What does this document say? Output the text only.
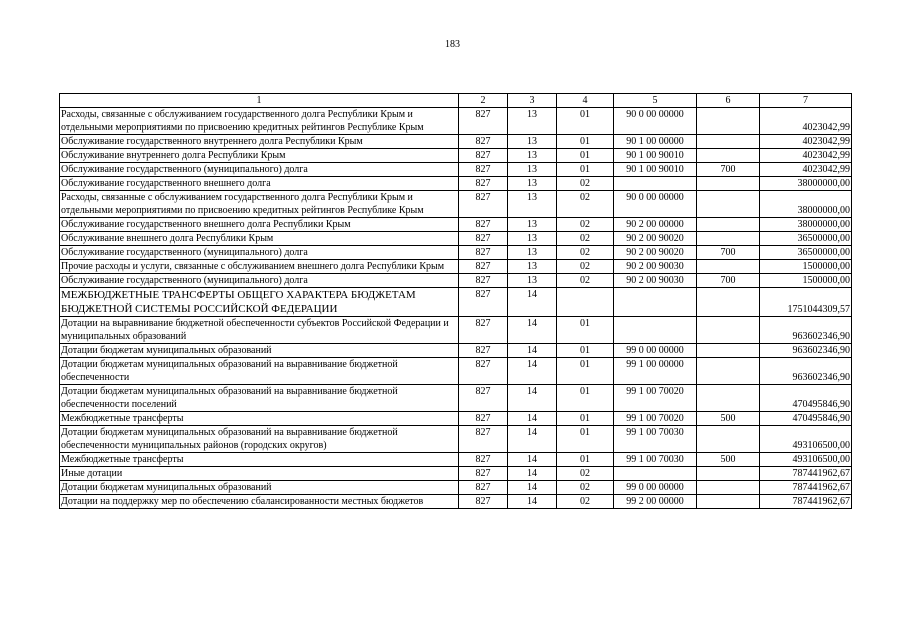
183
1	2	3	4	5	6	7
Расходы, связанные с обслуживанием государственного долга Республики Крым и отдельными мероприятиями по присвоению кредитных рейтингов Республике Крым	827	13	01	90 0 00 00000		4023042,99
Обслуживание государственного внутреннего долга Республики Крым	827	13	01	90 1 00 00000		4023042,99
Обслуживание внутреннего долга Республики Крым	827	13	01	90 1 00 90010		4023042,99
Обслуживание государственного (муниципального) долга	827	13	01	90 1 00 90010	700	4023042,99
Обслуживание государственного внешнего долга	827	13	02			38000000,00
Расходы, связанные с обслуживанием государственного долга Республики Крым и отдельными мероприятиями по присвоению кредитных рейтингов Республике Крым	827	13	02	90 0 00 00000		38000000,00
Обслуживание государственного внешнего долга Республики Крым	827	13	02	90 2 00 00000		38000000,00
Обслуживание внешнего долга Республики Крым	827	13	02	90 2 00 90020		36500000,00
Обслуживание государственного (муниципального) долга	827	13	02	90 2 00 90020	700	36500000,00
Прочие расходы и услуги, связанные с обслуживанием внешнего долга Республики Крым	827	13	02	90 2 00 90030		1500000,00
Обслуживание государственного (муниципального) долга	827	13	02	90 2 00 90030	700	1500000,00
МЕЖБЮДЖЕТНЫЕ ТРАНСФЕРТЫ ОБЩЕГО ХАРАКТЕРА БЮДЖЕТАМ БЮДЖЕТНОЙ СИСТЕМЫ РОССИЙСКОЙ ФЕДЕРАЦИИ	827	14				1751044309,57
Дотации на выравнивание бюджетной обеспеченности субъектов Российской Федерации и муниципальных образований	827	14	01			963602346,90
Дотации бюджетам муниципальных образований	827	14	01	99 0 00 00000		963602346,90
Дотации бюджетам муниципальных образований на выравнивание бюджетной обеспеченности	827	14	01	99 1 00 00000		963602346,90
Дотации бюджетам муниципальных образований на выравнивание бюджетной обеспеченности поселений	827	14	01	99 1 00 70020		470495846,90
Межбюджетные трансферты	827	14	01	99 1 00 70020	500	470495846,90
Дотации бюджетам муниципальных образований на выравнивание бюджетной обеспеченности муниципальных районов (городских округов)	827	14	01	99 1 00 70030		493106500,00
Межбюджетные трансферты	827	14	01	99 1 00 70030	500	493106500,00
Иные дотации	827	14	02			787441962,67
Дотации бюджетам муниципальных образований	827	14	02	99 0 00 00000		787441962,67
Дотации на поддержку мер по обеспечению сбалансированности местных бюджетов	827	14	02	99 2 00 00000		787441962,67
